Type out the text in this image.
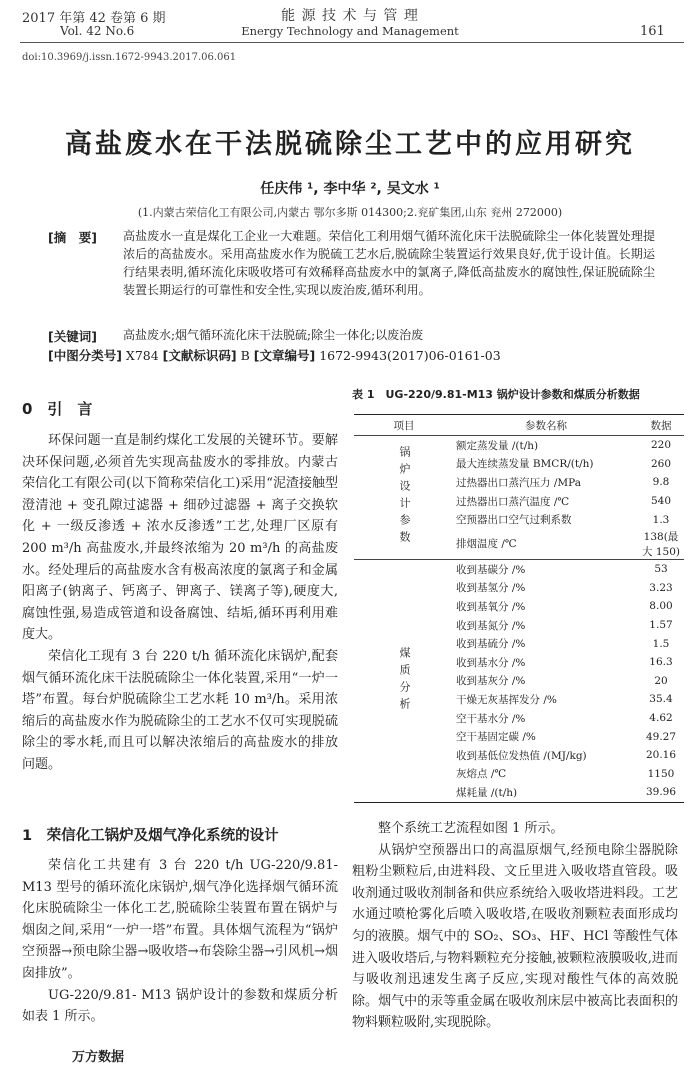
2017 年第 42 卷第 6 期
Vol. 42 No.6
能 源 技 术 与 管 理
Energy Technology and Management	161
doi:10.3969/j.issn.1672-9943.2017.06.061
高盐废水在干法脱硫除尘工艺中的应用研究
任庆伟 ¹, 李中华 ², 吴文水 ¹
(1.内蒙古荣信化工有限公司,内蒙古 鄂尔多斯 014300;2.兖矿集团,山东 兖州 272000)
[摘　要] 高盐废水一直是煤化工企业一大难题。荣信化工利用烟气循环流化床干法脱硫除尘一体化装置处理提浓后的高盐废水。采用高盐废水作为脱硫工艺水后,脱硫除尘装置运行效果良好,优于设计值。长期运行结果表明,循环流化床吸收塔可有效稀释高盐废水中的氯离子,降低高盐废水的腐蚀性,保证脱硫除尘装置长期运行的可靠性和安全性,实现以废治废,循环利用。
[关键词] 高盐废水;烟气循环流化床干法脱硫;除尘一体化;以废治废
[中图分类号] X784 [文献标识码] B [文章编号] 1672-9943(2017)06-0161-03
0　引　言

环保问题一直是制约煤化工发展的关键环节。要解决环保问题,必须首先实现高盐废水的零排放。内蒙古荣信化工有限公司(以下简称荣信化工)采用“泥渣接触型澄清池 + 变孔隙过滤器 + 细砂过滤器 + 离子交换软化 + 一级反渗透 + 浓水反渗透”工艺,处理厂区原有 200 m³/h 高盐废水,并最终浓缩为 20 m³/h 的高盐废水。经处理后的高盐废水含有极高浓度的氯离子和金属阳离子(钠离子、钙离子、钾离子、镁离子等),硬度大,腐蚀性强,易造成管道和设备腐蚀、结垢,循环再利用难度大。

荣信化工现有 3 台 220 t/h 循环流化床锅炉,配套烟气循环流化床干法脱硫除尘一体化装置,采用“一炉一塔”布置。每台炉脱硫除尘工艺水耗 10 m³/h。采用浓缩后的高盐废水作为脱硫除尘的工艺水不仅可实现脱硫除尘的零水耗,而且可以解决浓缩后的高盐废水的排放问题。

1　荣信化工锅炉及烟气净化系统的设计

荣信化工共建有 3 台 220 t/h UG-220/9.81-M13 型号的循环流化床锅炉,烟气净化选择烟气循环流化床脱硫除尘一体化工艺,脱硫除尘装置布置在锅炉与烟囱之间,采用“一炉一塔”布置。具体烟气流程为“锅炉空预器→预电除尘器→吸收塔→布袋除尘器→引风机→烟囱排放”。

UG-220/9.81- M13 锅炉设计的参数和煤质分析如表 1 所示。

万方数据
表 1　UG-220/9.81-M13 锅炉设计参数和煤质分析数据
项目	参数名称	数据
锅炉设计参数	额定蒸发量 /(t/h)	220
	最大连续蒸发量 BMCR/(t/h)	260
	过热器出口蒸汽压力 /MPa	9.8
	过热器出口蒸汽温度 /℃	540
	空预器出口空气过剩系数	1.3
	排烟温度 /℃	138(最大 150)
煤质分析	收到基碳分 /%	53
	收到基氢分 /%	3.23
	收到基氧分 /%	8.00
	收到基氮分 /%	1.57
	收到基硫分 /%	1.5
	收到基水分 /%	16.3
	收到基灰分 /%	20
	干燥无灰基挥发分 /%	35.4
	空干基水分 /%	4.62
	空干基固定碳 /%	49.27
	收到基低位发热值 /(MJ/kg)	20.16
	灰熔点 /℃	1150
	煤耗量 /(t/h)	39.96

整个系统工艺流程如图 1 所示。

从锅炉空预器出口的高温原烟气,经预电除尘器脱除粗粉尘颗粒后,由进料段、文丘里进入吸收塔直管段。吸收剂通过吸收剂制备和供应系统给入吸收塔进料段。工艺水通过喷枪雾化后喷入吸收塔,在吸收剂颗粒表面形成均匀的液膜。烟气中的 SO₂、SO₃、HF、HCl 等酸性气体进入吸收塔后,与物料颗粒充分接触,被颗粒液膜吸收,进而与吸收剂迅速发生离子反应,实现对酸性气体的高效脱除。烟气中的汞等重金属在吸收剂床层中被高比表面积的物料颗粒吸附,实现脱除。
